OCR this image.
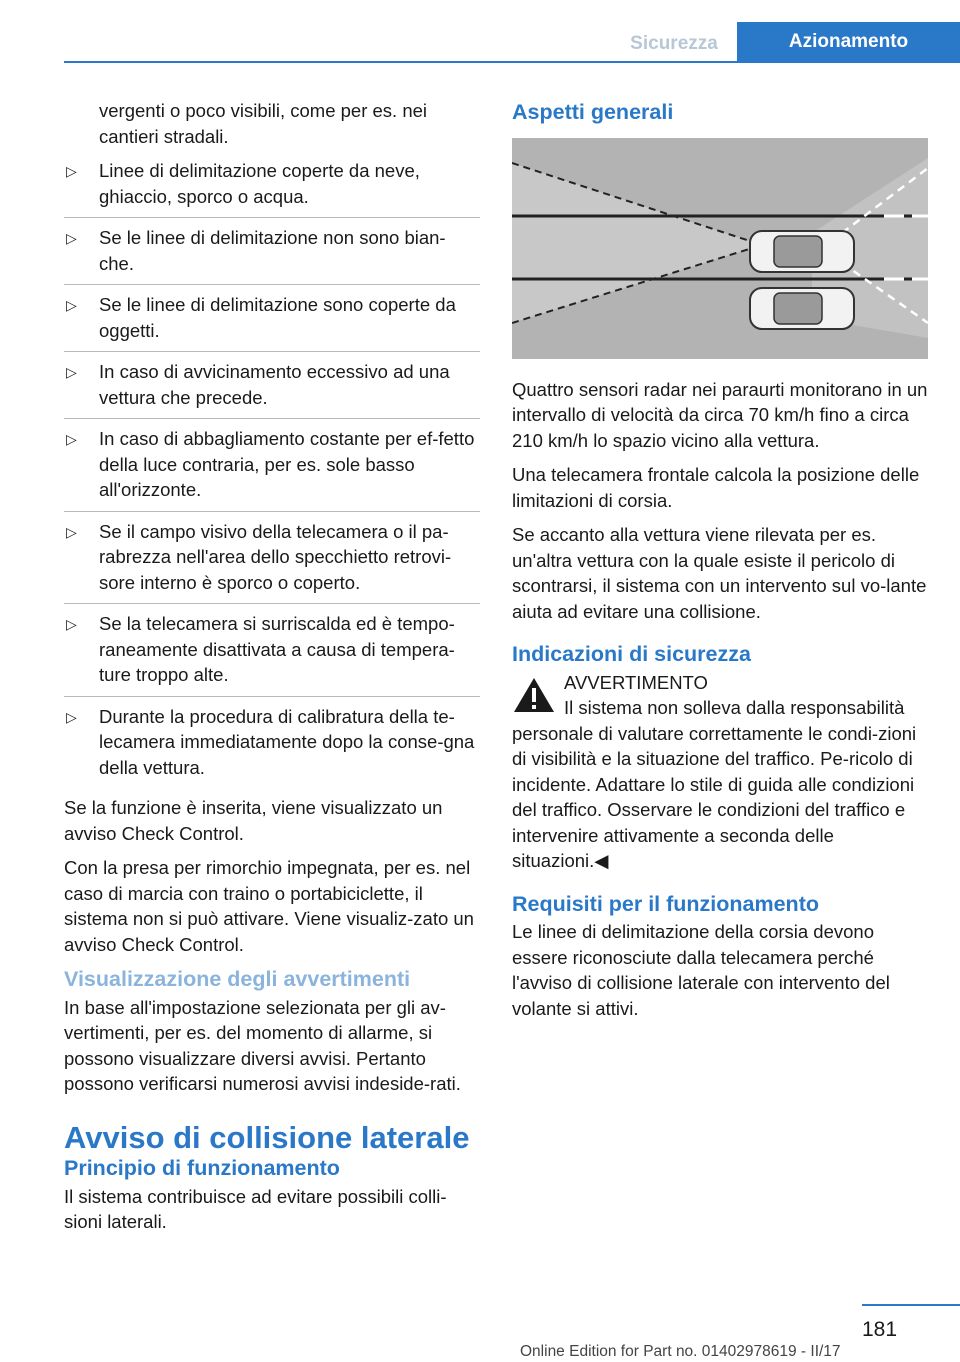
Sicurezza	Azionamento

vergenti o poco visibili, come per es. nei cantieri stradali.

▷ Linee di delimitazione coperte da neve, ghiaccio, sporco o acqua.
▷ Se le linee di delimitazione non sono bian‐che.
▷ Se le linee di delimitazione sono coperte da oggetti.
▷ In caso di avvicinamento eccessivo ad una vettura che precede.
▷ In caso di abbagliamento costante per ef‐fetto della luce contraria, per es. sole basso all'orizzonte.
▷ Se il campo visivo della telecamera o il pa‐rabrezza nell'area dello specchietto retrovi‐sore interno è sporco o coperto.
▷ Se la telecamera si surriscalda ed è tempo‐raneamente disattivata a causa di tempera‐ture troppo alte.
▷ Durante la procedura di calibratura della te‐lecamera immediatamente dopo la conse‐gna della vettura.

Se la funzione è inserita, viene visualizzato un avviso Check Control.

Con la presa per rimorchio impegnata, per es. nel caso di marcia con traino o portabiciclette, il sistema non si può attivare. Viene visualiz‐zato un avviso Check Control.

Visualizzazione degli avvertimenti

In base all'impostazione selezionata per gli av‐vertimenti, per es. del momento di allarme, si possono visualizzare diversi avvisi. Pertanto possono verificarsi numerosi avvisi indeside‐rati.

Avviso di collisione laterale
Principio di funzionamento

Il sistema contribuisce ad evitare possibili colli‐sioni laterali.

Aspetti generali

Quattro sensori radar nei paraurti monitorano in un intervallo di velocità da circa 70 km/h fino a circa 210 km/h lo spazio vicino alla vettura.

Una telecamera frontale calcola la posizione delle limitazioni di corsia.

Se accanto alla vettura viene rilevata per es. un'altra vettura con la quale esiste il pericolo di scontrarsi, il sistema con un intervento sul vo‐lante aiuta ad evitare una collisione.

Indicazioni di sicurezza

AVVERTIMENTO

Il sistema non solleva dalla responsabilità

personale di valutare correttamente le condi‐zioni di visibilità e la situazione del traffico. Pe‐ricolo di incidente. Adattare lo stile di guida alle condizioni del traffico. Osservare le condizioni del traffico e intervenire attivamente a seconda delle situazioni.◀

Requisiti per il funzionamento

Le linee di delimitazione della corsia devono essere riconosciute dalla telecamera perché l'avviso di collisione laterale con intervento del volante si attivi.

181
Online Edition for Part no. 01402978619 - II/17
